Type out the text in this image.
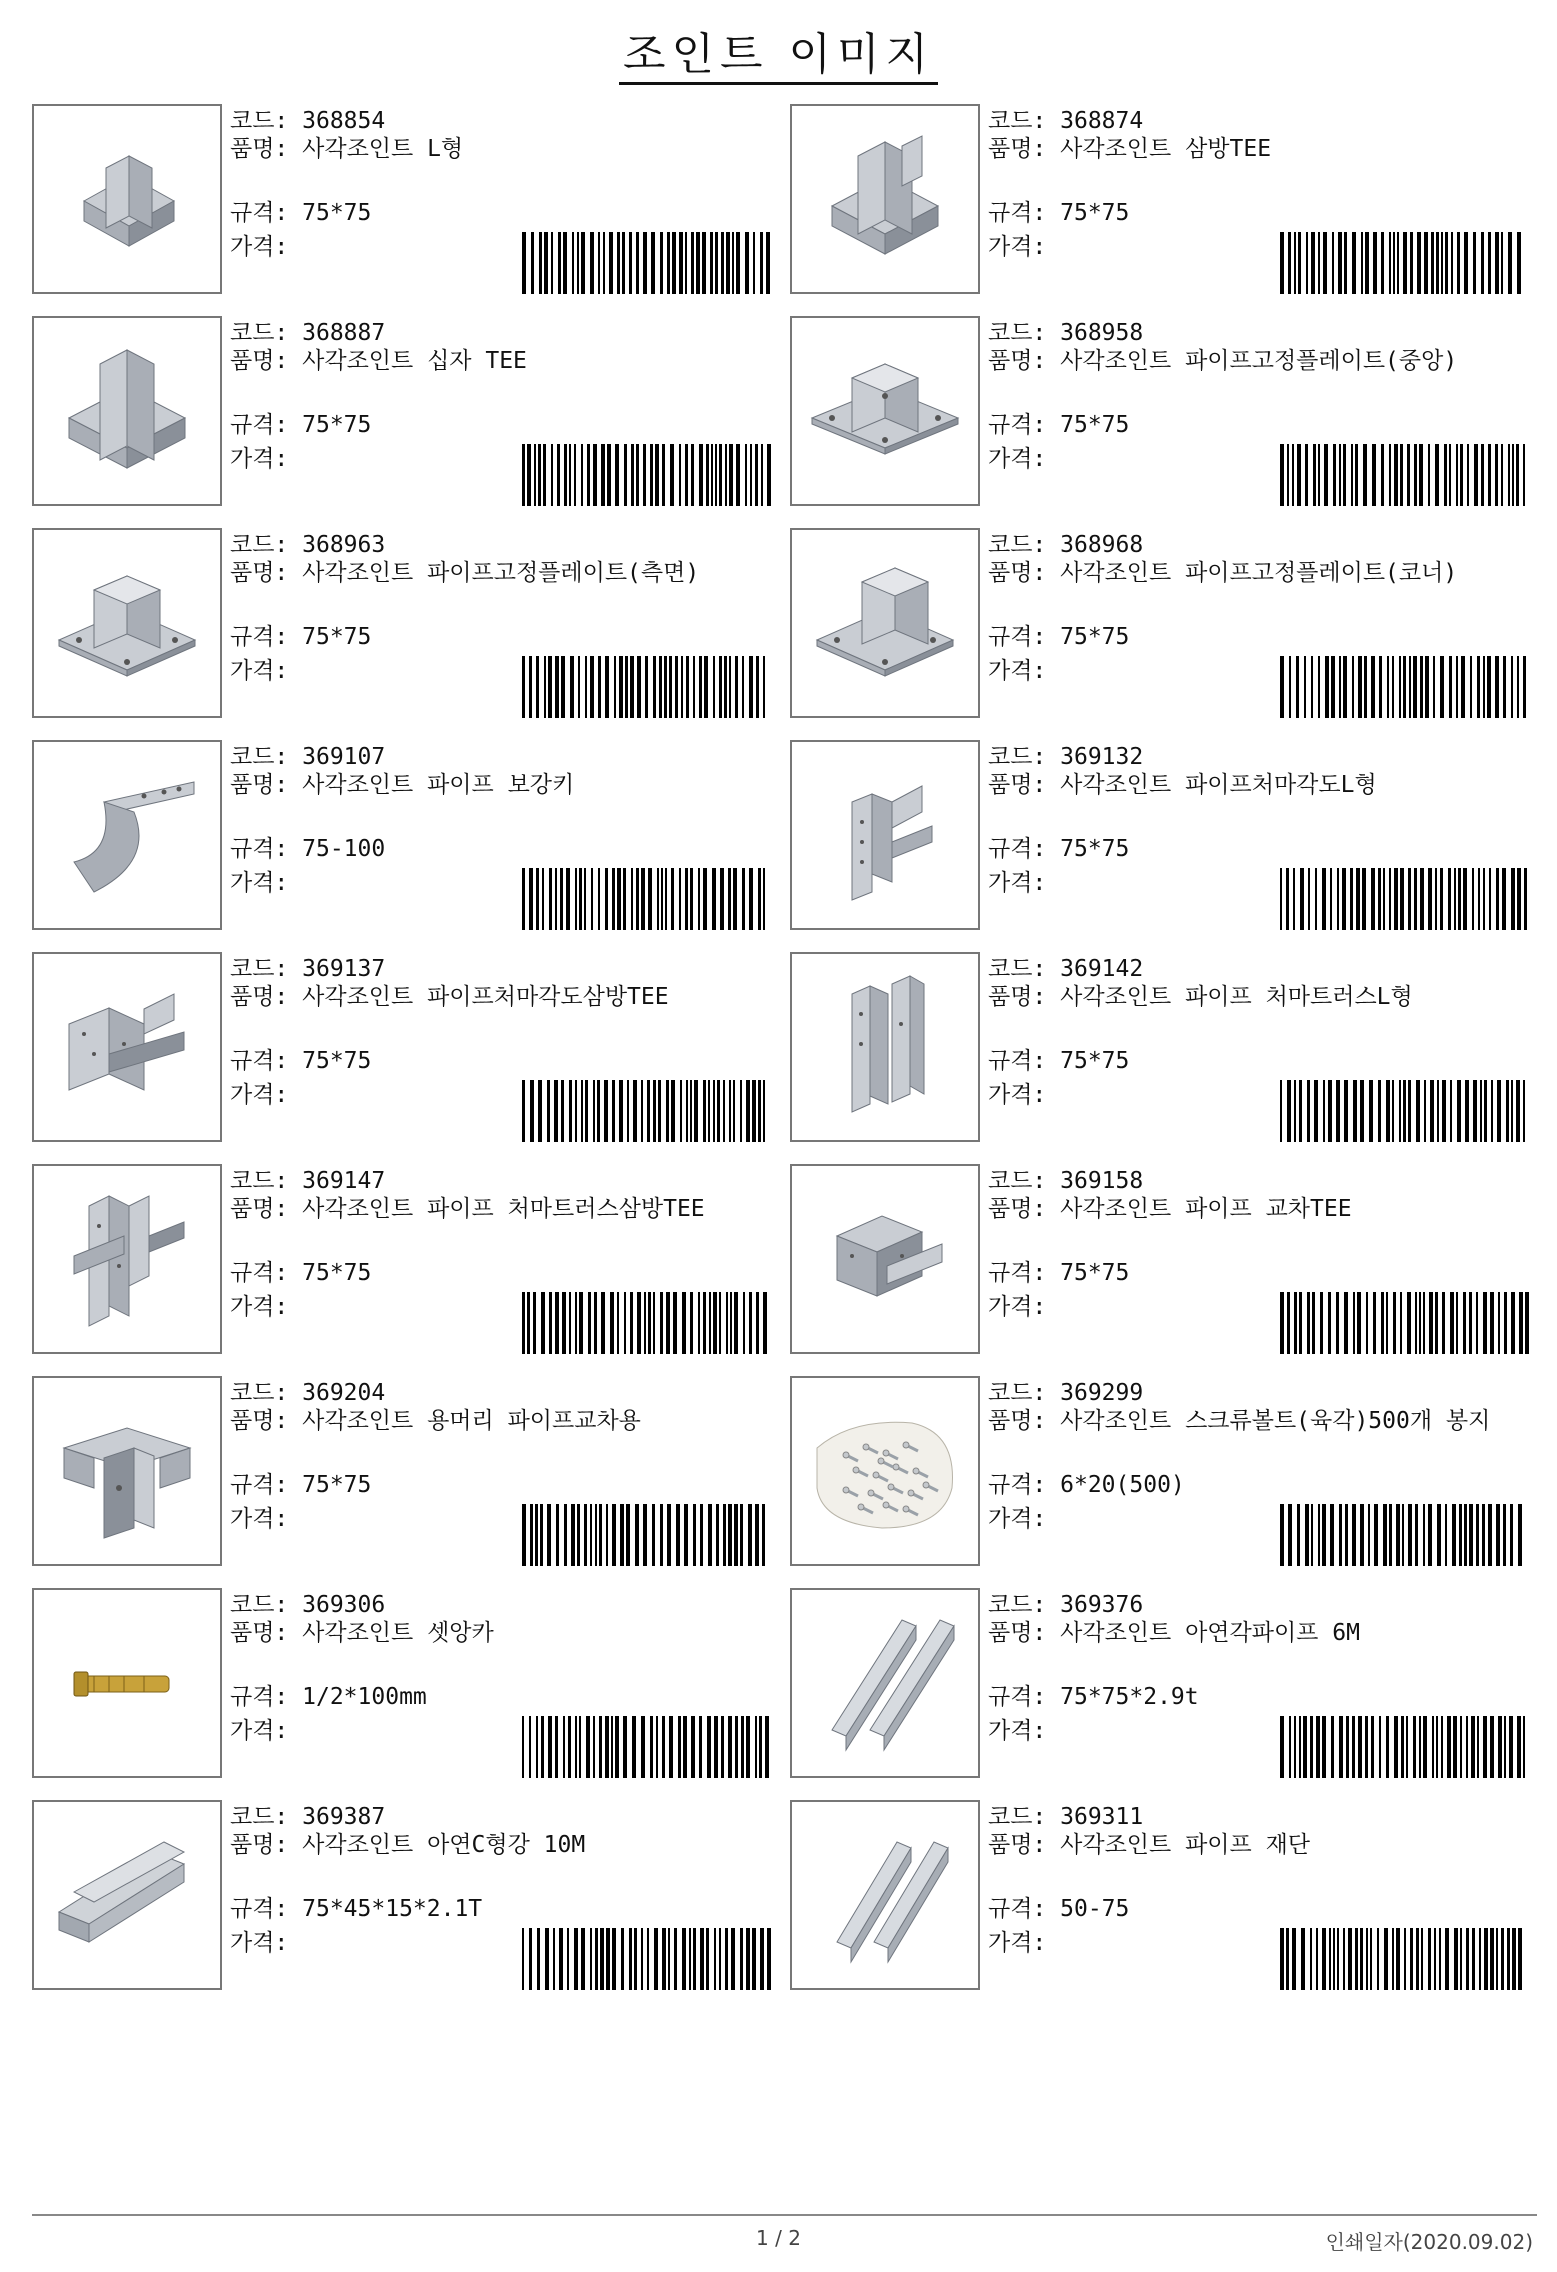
조인트 이미지
코드: 368854
품명: 사각조인트 L형
규격: 75*75
가격:
코드: 368874
품명: 사각조인트 삼방TEE
규격: 75*75
가격:
코드: 368887
품명: 사각조인트 십자 TEE
규격: 75*75
가격:
코드: 368958
품명: 사각조인트 파이프고정플레이트(중앙)
규격: 75*75
가격:
코드: 368963
품명: 사각조인트 파이프고정플레이트(측면)
규격: 75*75
가격:
코드: 368968
품명: 사각조인트 파이프고정플레이트(코너)
규격: 75*75
가격:
코드: 369107
품명: 사각조인트 파이프 보강키
규격: 75-100
가격:
코드: 369132
품명: 사각조인트 파이프처마각도L형
규격: 75*75
가격:
코드: 369137
품명: 사각조인트 파이프처마각도삼방TEE
규격: 75*75
가격:
코드: 369142
품명: 사각조인트 파이프 처마트러스L형
규격: 75*75
가격:
코드: 369147
품명: 사각조인트 파이프 처마트러스삼방TEE
규격: 75*75
가격:
코드: 369158
품명: 사각조인트 파이프 교차TEE
규격: 75*75
가격:
코드: 369204
품명: 사각조인트 용머리 파이프교차용
규격: 75*75
가격:
코드: 369299
품명: 사각조인트 스크류볼트(육각)500개 봉지
규격: 6*20(500)
가격:
코드: 369306
품명: 사각조인트 셋앙카
규격: 1/2*100mm
가격:
코드: 369376
품명: 사각조인트 아연각파이프 6M
규격: 75*75*2.9t
가격:
코드: 369387
품명: 사각조인트 아연C형강 10M
규격: 75*45*15*2.1T
가격:
코드: 369311
품명: 사각조인트 파이프 재단
규격: 50-75
가격:
1 / 2	인쇄일자(2020.09.02)
